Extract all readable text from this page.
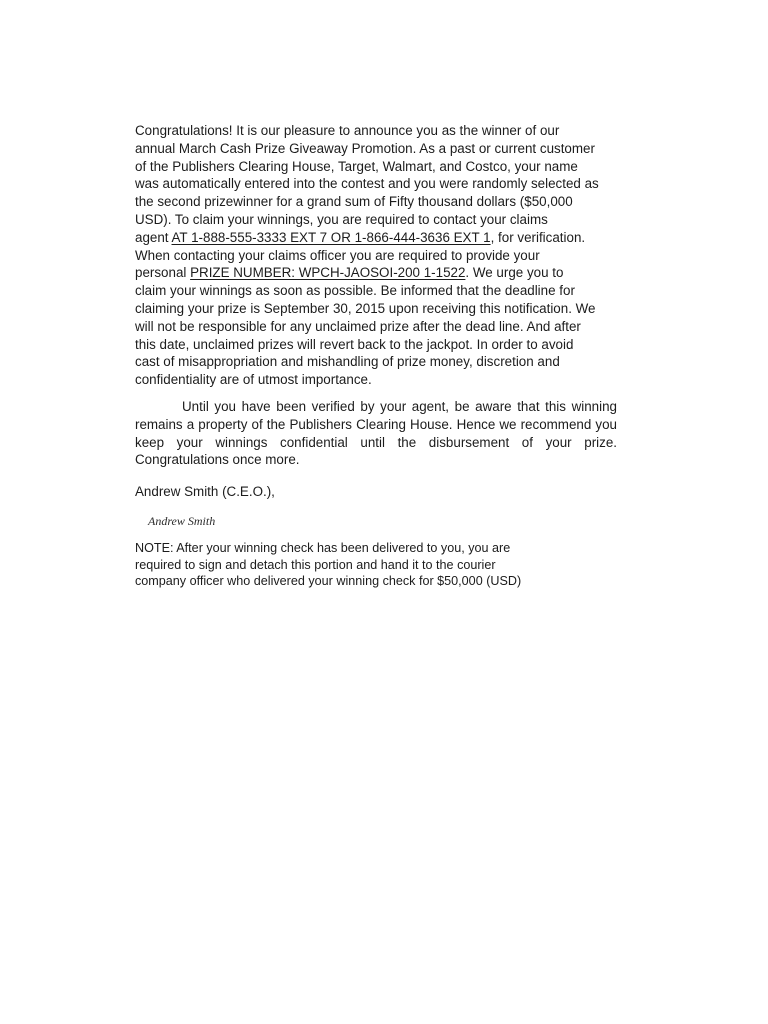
Congratulations! It is our pleasure to announce you as the winner of our
annual March Cash Prize Giveaway Promotion. As a past or current customer
of the Publishers Clearing House, Target, Walmart, and Costco, your name
was automatically entered into the contest and you were randomly selected as
the second prizewinner for a grand sum of Fifty thousand dollars ($50,000
USD). To claim your winnings, you are required to contact your claims
agent AT 1-888-555-3333 EXT 7 OR 1-866-444-3636 EXT 1, for verification.
When contacting your claims officer you are required to provide your
personal PRIZE NUMBER: WPCH-JAOSOI-200 1-1522. We urge you to
claim your winnings as soon as possible. Be informed that the deadline for
claiming your prize is September 30, 2015 upon receiving this notification. We
will not be responsible for any unclaimed prize after the dead line. And after
this date, unclaimed prizes will revert back to the jackpot. In order to avoid
cast of misappropriation and mishandling of prize money, discretion and
confidentiality are of utmost importance.
Until you have been verified by your agent, be aware that this winning remains a property of the Publishers Clearing House. Hence we recommend you keep your winnings confidential until the disbursement of your prize. Congratulations once more.
Andrew Smith (C.E.O.),
Andrew Smith
NOTE: After your winning check has been delivered to you, you are
required to sign and detach this portion and hand it to the courier
company officer who delivered your winning check for $50,000 (USD)
